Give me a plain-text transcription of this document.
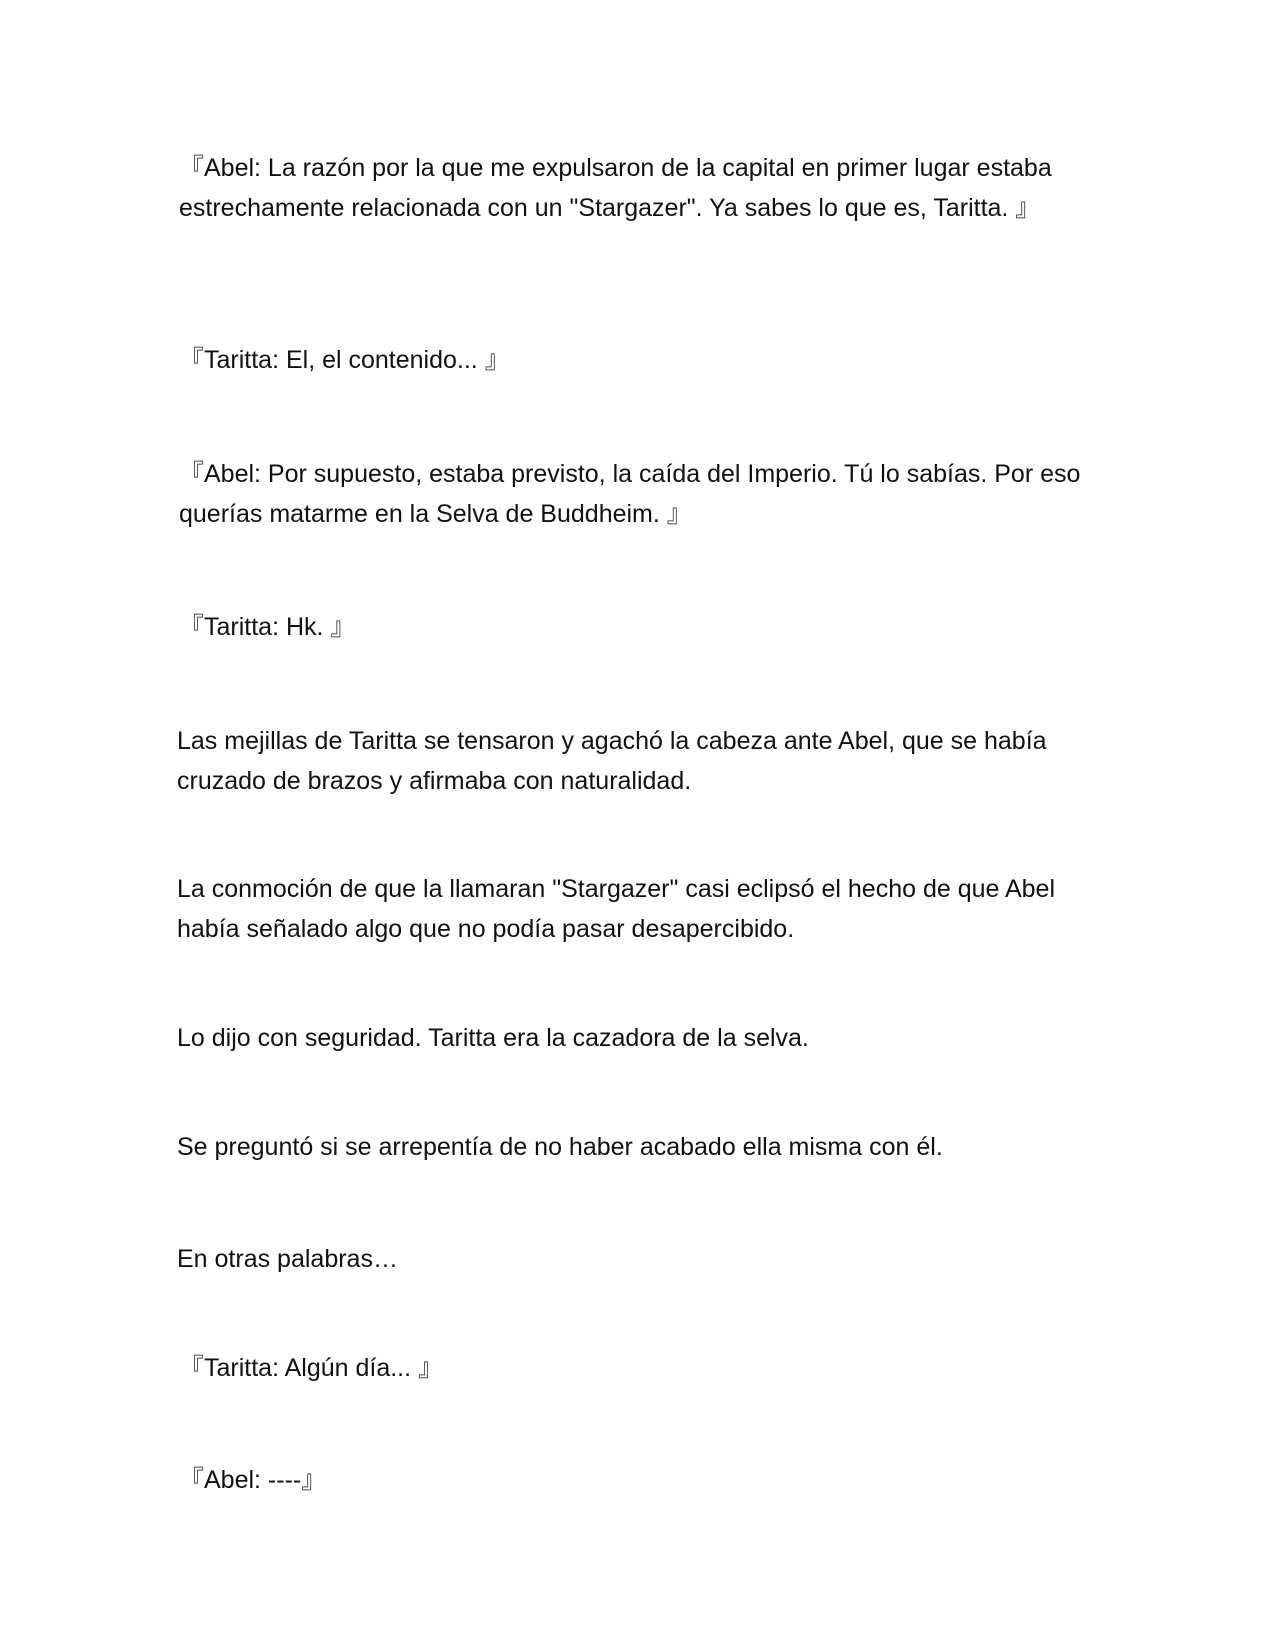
『Abel: La razón por la que me expulsaron de la capital en primer lugar estaba estrechamente relacionada con un "Stargazer". Ya sabes lo que es, Taritta. 』

『Taritta: El, el contenido... 』

『Abel: Por supuesto, estaba previsto, la caída del Imperio. Tú lo sabías. Por eso querías matarme en la Selva de Buddheim. 』

『Taritta: Hk. 』

Las mejillas de Taritta se tensaron y agachó la cabeza ante Abel, que se había cruzado de brazos y afirmaba con naturalidad.

La conmoción de que la llamaran "Stargazer" casi eclipsó el hecho de que Abel había señalado algo que no podía pasar desapercibido.

Lo dijo con seguridad. Taritta era la cazadora de la selva.

Se preguntó si se arrepentía de no haber acabado ella misma con él.

En otras palabras…

『Taritta: Algún día... 』

『Abel: ----』
